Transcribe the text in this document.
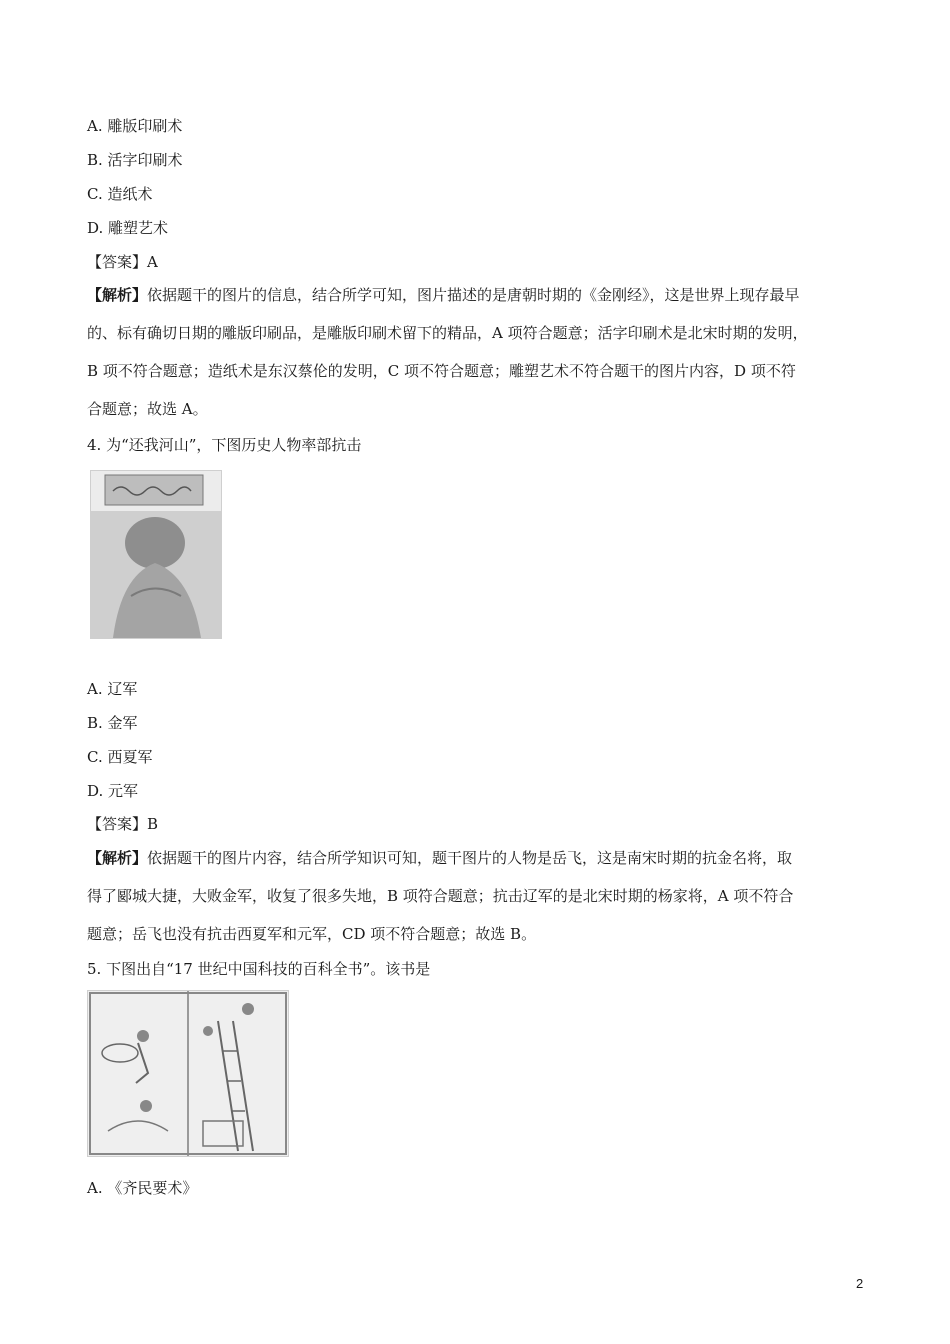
A. 雕版印刷术
B. 活字印刷术
C. 造纸术
D. 雕塑艺术
【答案】A
【解析】依据题干的图片的信息，结合所学可知，图片描述的是唐朝时期的《金刚经》，这是世界上现存最早
的、标有确切日期的雕版印刷品，是雕版印刷术留下的精品，A 项符合题意；活字印刷术是北宋时期的发明，
B 项不符合题意；造纸术是东汉蔡伦的发明，C 项不符合题意；雕塑艺术不符合题干的图片内容，D 项不符
合题意；故选 A。
4. 为“还我河山”，下图历史人物率部抗击
A. 辽军
B. 金军
C. 西夏军
D. 元军
【答案】B
【解析】依据题干的图片内容，结合所学知识可知，题干图片的人物是岳飞，这是南宋时期的抗金名将，取
得了郾城大捷，大败金军，收复了很多失地，B 项符合题意；抗击辽军的是北宋时期的杨家将，A 项不符合
题意；岳飞也没有抗击西夏军和元军，CD 项不符合题意；故选 B。
5. 下图出自“17 世纪中国科技的百科全书”。该书是
A. 《齐民要术》
2
